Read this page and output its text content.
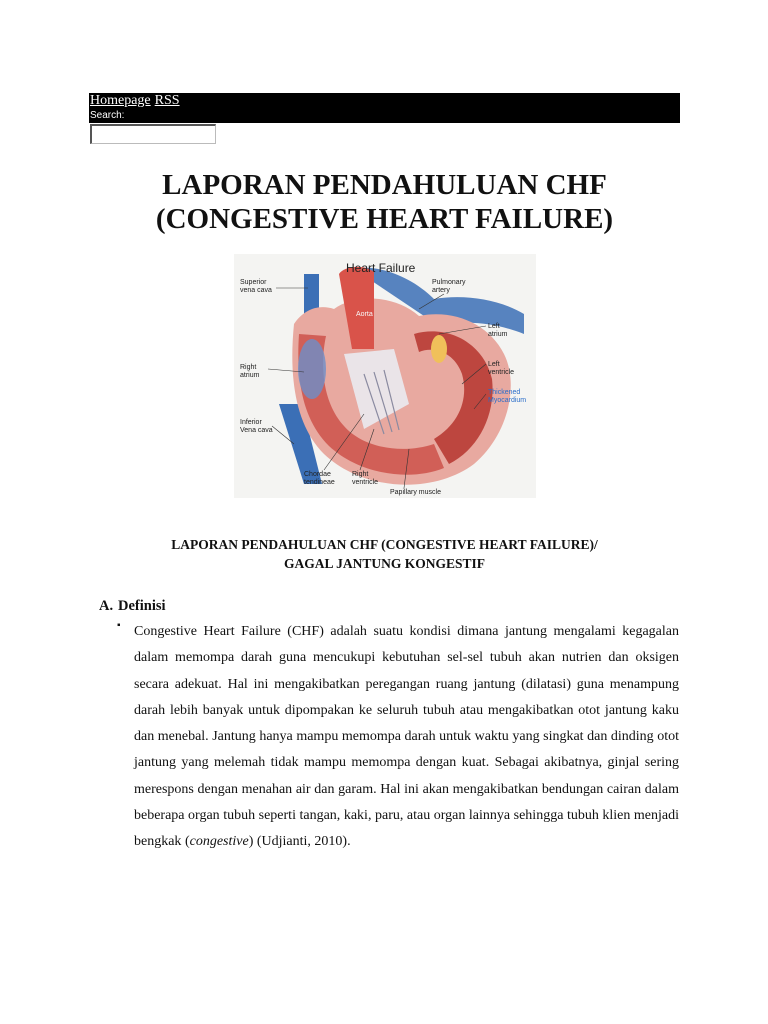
Homepage RSS
Search:
LAPORAN PENDAHULUAN CHF
(CONGESTIVE HEART FAILURE)
Heart Failure
Superior
vena cava
Aorta
Pulmonary
artery
Left
atrium
Left
ventricle
Thickened
Myocardium
Right
atrium
Inferior
Vena cava
Chordae
tendineae
Right
ventricle
Papillary muscle
LAPORAN PENDAHULUAN CHF (CONGESTIVE HEART FAILURE)/
GAGAL JANTUNG KONGESTIF
A. Definisi
▪ Congestive Heart Failure (CHF) adalah suatu kondisi dimana jantung mengalami kegagalan dalam memompa darah guna mencukupi kebutuhan sel-sel tubuh akan nutrien dan oksigen secara adekuat. Hal ini mengakibatkan peregangan ruang jantung (dilatasi) guna menampung darah lebih banyak untuk dipompakan ke seluruh tubuh atau mengakibatkan otot jantung kaku dan menebal. Jantung hanya mampu memompa darah untuk waktu yang singkat dan dinding otot jantung yang melemah tidak mampu memompa dengan kuat. Sebagai akibatnya, ginjal sering merespons dengan menahan air dan garam. Hal ini akan mengakibatkan bendungan cairan dalam beberapa organ tubuh seperti tangan, kaki, paru, atau organ lainnya sehingga tubuh klien menjadi bengkak (congestive) (Udjianti, 2010).
